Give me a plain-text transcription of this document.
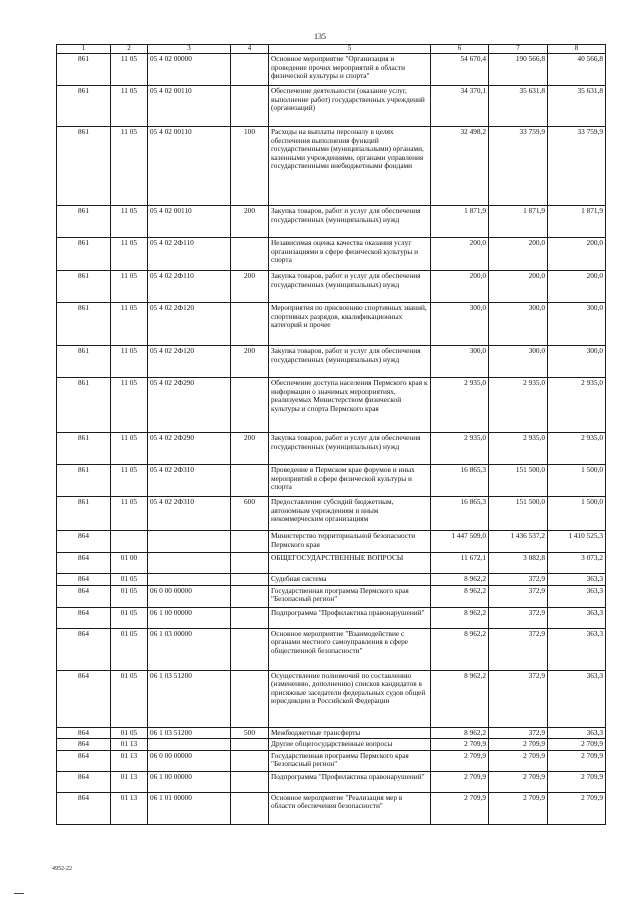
135
1	2	3	4	5	6	7	8
861	11 05	05 4 02 00000		Основное мероприятие "Организация и проведение прочих мероприятий в области физической культуры и спорта"	54 670,4	190 566,8	40 566,8
861	11 05	05 4 02 00110		Обеспечение деятельности (оказание услуг, выполнение работ) государственных учреждений (организаций)	34 370,1	35 631,8	35 631,8
861	11 05	05 4 02 00110	100	Расходы на выплаты персоналу в целях обеспечения выполнения функций государственными (муниципальными) органами, казенными учреждениями, органами управления государственными внебюджетными фондами	32 498,2	33 759,9	33 759,9
861	11 05	05 4 02 00110	200	Закупка товаров, работ и услуг для обеспечения государственных (муниципальных) нужд	1 871,9	1 871,9	1 871,9
861	11 05	05 4 02 2Ф110		Независимая оценка качества оказания услуг организациями в сфере физической культуры и спорта	200,0	200,0	200,0
861	11 05	05 4 02 2Ф110	200	Закупка товаров, работ и услуг для обеспечения государственных (муниципальных) нужд	200,0	200,0	200,0
861	11 05	05 4 02 2Ф120		Мероприятия по присвоению спортивных званий, спортивных разрядов, квалификационных категорий и прочее	300,0	300,0	300,0
861	11 05	05 4 02 2Ф120	200	Закупка товаров, работ и услуг для обеспечения государственных (муниципальных) нужд	300,0	300,0	300,0
861	11 05	05 4 02 2Ф290		Обеспечение доступа населения Пермского края к информации о значимых мероприятиях, реализуемых Министерством физической культуры и спорта Пермского края	2 935,0	2 935,0	2 935,0
861	11 05	05 4 02 2Ф290	200	Закупка товаров, работ и услуг для обеспечения государственных (муниципальных) нужд	2 935,0	2 935,0	2 935,0
861	11 05	05 4 02 2Ф310		Проведение в Пермском крае форумов и иных мероприятий в сфере физической культуры и спорта	16 865,3	151 500,0	1 500,0
861	11 05	05 4 02 2Ф310	600	Предоставление субсидий бюджетным, автономным учреждениям и иным некоммерческим организациям	16 865,3	151 500,0	1 500,0
864				Министерство территориальной безопасности Пермского края	1 447 509,0	1 436 537,2	1 410 525,3
864	01 00			ОБЩЕГОСУДАРСТВЕННЫЕ ВОПРОСЫ	11 672,1	3 082,8	3 073,2
864	01 05			Судебная система	8 962,2	372,9	363,3
864	01 05	06 0 00 00000		Государственная программа Пермского края "Безопасный регион"	8 962,2	372,9	363,3
864	01 05	06 1 00 00000		Подпрограмма "Профилактика правонарушений"	8 962,2	372,9	363,3
864	01 05	06 1 03 00000		Основное мероприятие "Взаимодействие с органами местного самоуправления в сфере общественной безопасности"	8 962,2	372,9	363,3
864	01 05	06 1 03 51200		Осуществление полномочий по составлению (изменению, дополнению) списков кандидатов в присяжные заседатели федеральных судов общей юрисдикции в Российской Федерации	8 962,2	372,9	363,3
864	01 05	06 1 03 51200	500	Межбюджетные трансферты	8 962,2	372,9	363,3
864	01 13			Другие общегосударственные вопросы	2 709,9	2 709,9	2 709,9
864	01 13	06 0 00 00000		Государственная программа Пермского края "Безопасный регион"	2 709,9	2 709,9	2 709,9
864	01 13	06 1 00 00000		Подпрограмма "Профилактика правонарушений"	2 709,9	2 709,9	2 709,9
864	01 13	06 1 01 00000		Основное мероприятие "Реализация мер в области обеспечения безопасности"	2 709,9	2 709,9	2 709,9
4952-22
